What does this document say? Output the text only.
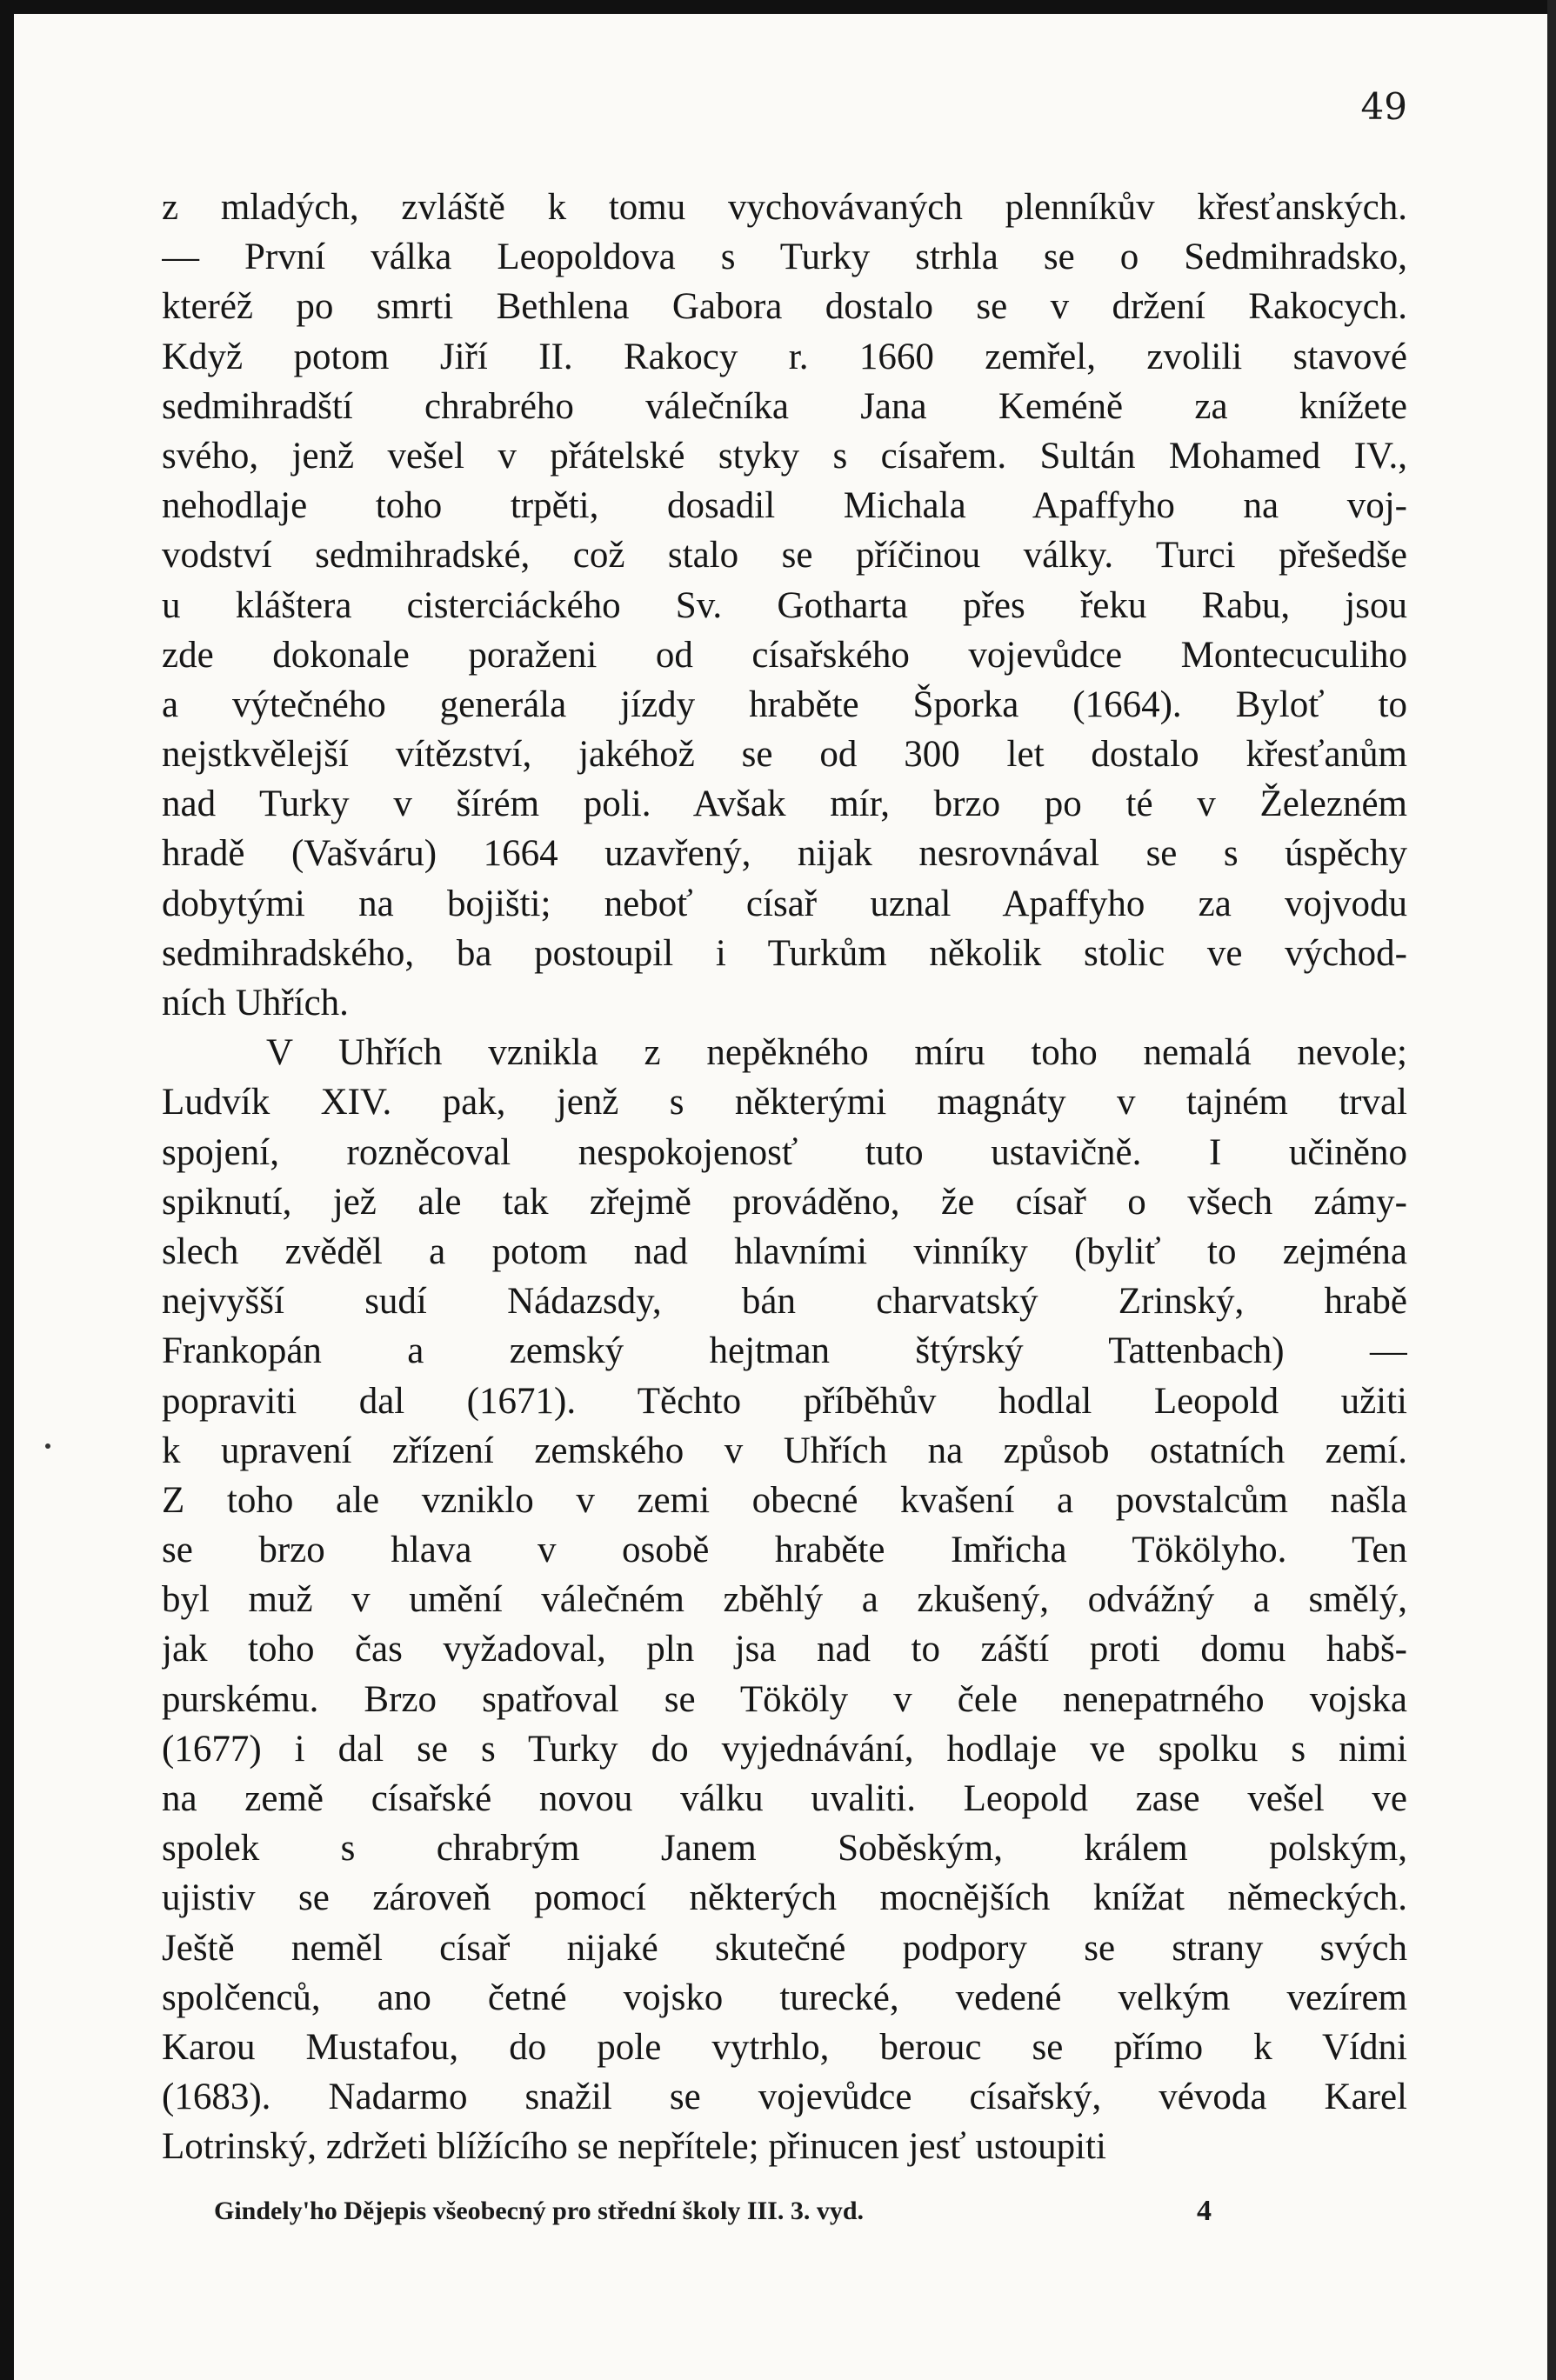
49
z mladých, zvláště k tomu vychovávaných plenníkův křesťanských.
— První válka Leopoldova s Turky strhla se o Sedmihradsko,
kteréž po smrti Bethlena Gabora dostalo se v držení Rakocych.
Když potom Jiří II. Rakocy r. 1660 zemřel, zvolili stavové
sedmihradští chrabrého válečníka Jana Keméně za knížete
svého, jenž vešel v přátelské styky s císařem. Sultán Mohamed IV.,
nehodlaje toho trpěti, dosadil Michala Apaffyho na voj-
vodství sedmihradské, což stalo se příčinou války. Turci přešedše
u kláštera cisterciáckého Sv. Gotharta přes řeku Rabu, jsou
zde dokonale poraženi od císařského vojevůdce Montecuculiho
a výtečného generála jízdy hraběte Šporka (1664). Byloť to
nejstkvělejší vítězství, jakéhož se od 300 let dostalo křesťanům
nad Turky v šírém poli. Avšak mír, brzo po té v Železném
hradě (Vašváru) 1664 uzavřený, nijak nesrovnával se s úspěchy
dobytými na bojišti; neboť císař uznal Apaffyho za vojvodu
sedmihradského, ba postoupil i Turkům několik stolic ve východ-
ních Uhřích.
V Uhřích vznikla z nepěkného míru toho nemalá nevole;
Ludvík XIV. pak, jenž s některými magnáty v tajném trval
spojení, rozněcoval nespokojenosť tuto ustavičně. I učiněno
spiknutí, jež ale tak zřejmě prováděno, že císař o všech zámy-
slech zvěděl a potom nad hlavními vinníky (byliť to zejména
nejvyšší sudí Nádazsdy, bán charvatský Zrinský, hrabě
Frankopán a zemský hejtman štýrský Tattenbach) —
popraviti dal (1671). Těchto příběhův hodlal Leopold užiti
k upravení zřízení zemského v Uhřích na způsob ostatních zemí.
Z toho ale vzniklo v zemi obecné kvašení a povstalcům našla
se brzo hlava v osobě hraběte Imřicha Tökölyho. Ten
byl muž v umění válečném zběhlý a zkušený, odvážný a smělý,
jak toho čas vyžadoval, pln jsa nad to záští proti domu habš-
purskému. Brzo spatřoval se Tököly v čele nenepatrného vojska
(1677) i dal se s Turky do vyjednávání, hodlaje ve spolku s nimi
na země císařské novou válku uvaliti. Leopold zase vešel ve
spolek s chrabrým Janem Soběským, králem polským,
ujistiv se zároveň pomocí některých mocnějších knížat německých.
Ještě neměl císař nijaké skutečné podpory se strany svých
spolčenců, ano četné vojsko turecké, vedené velkým vezírem
Karou Mustafou, do pole vytrhlo, berouc se přímo k Vídni
(1683). Nadarmo snažil se vojevůdce císařský, vévoda Karel
Lotrinský, zdržeti blížícího se nepřítele; přinucen jesť ustoupiti
Gindely'ho Dějepis všeobecný pro střední školy III. 3. vyd.	4
